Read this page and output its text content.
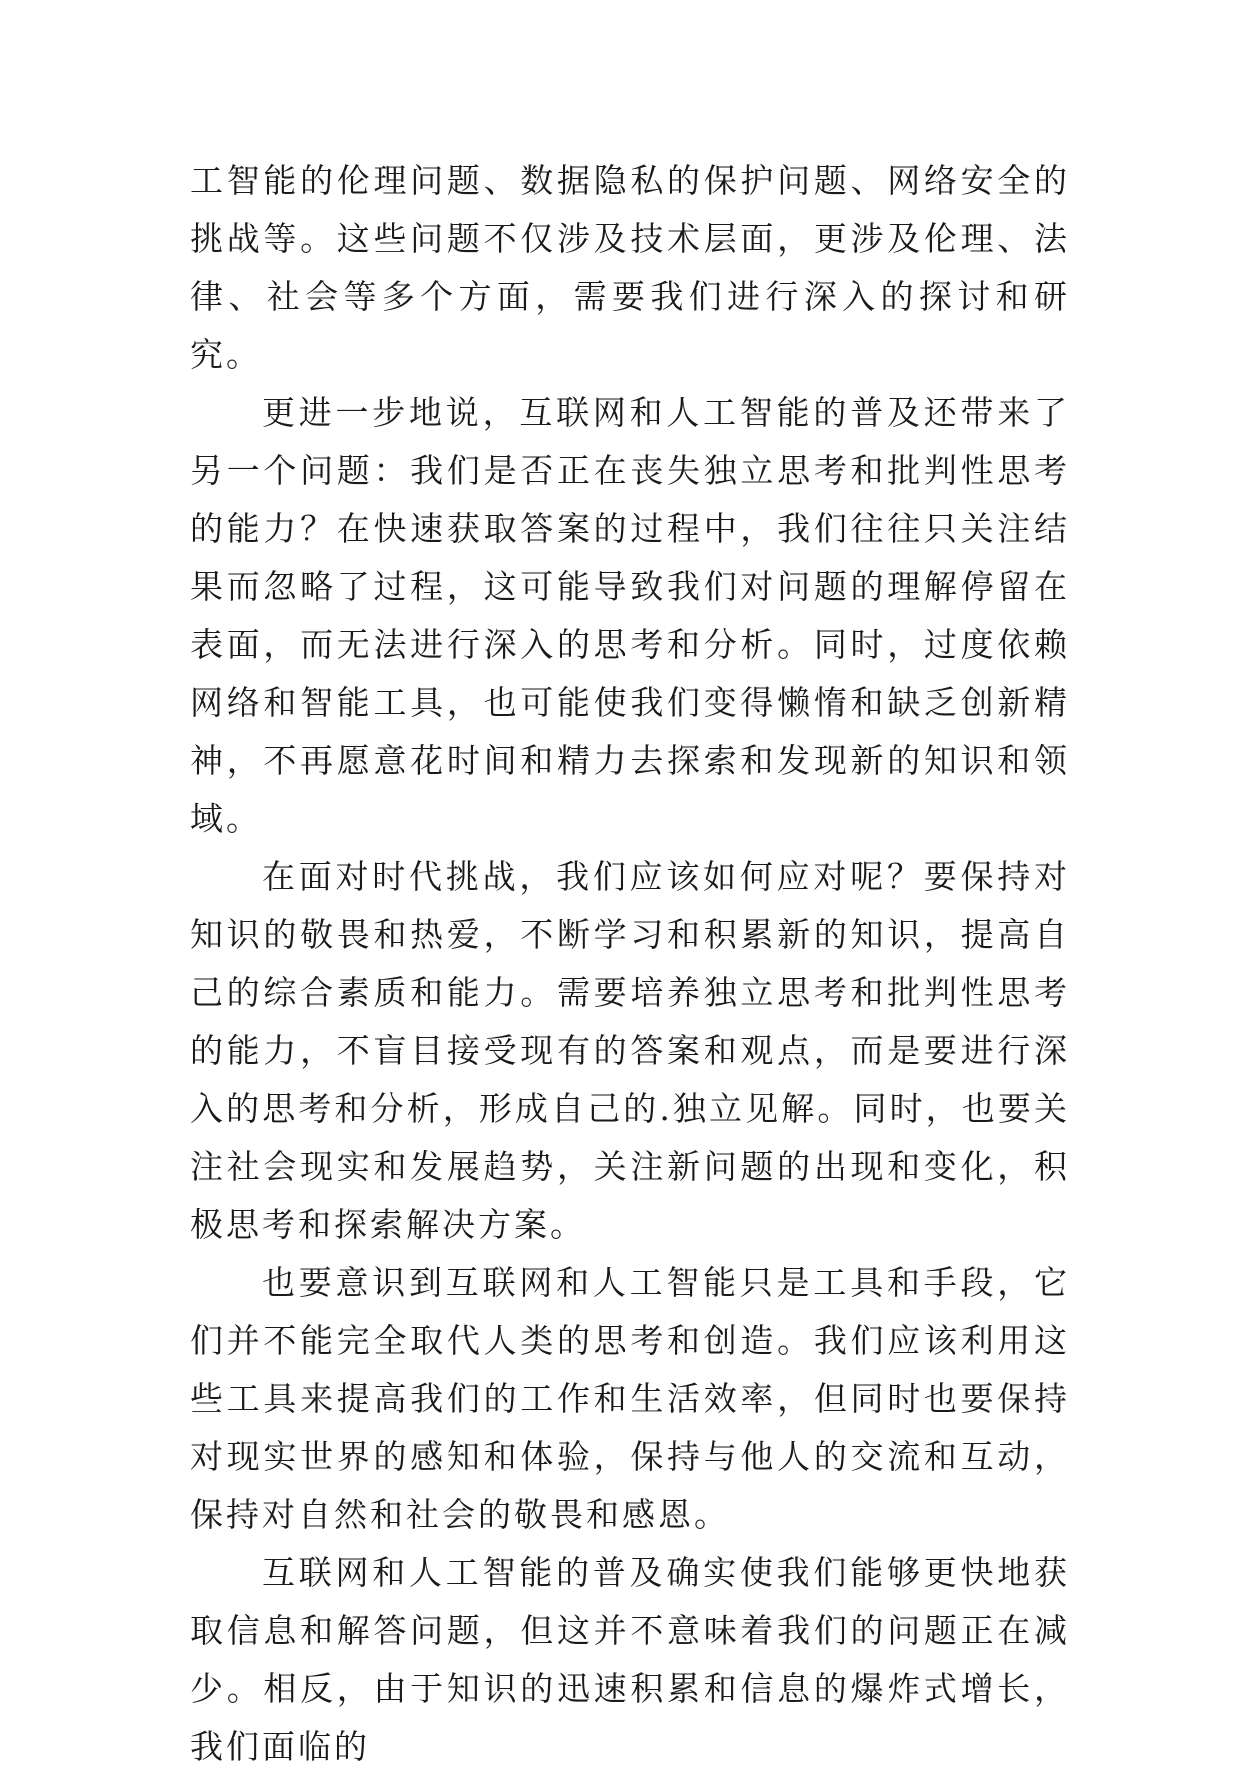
工智能的伦理问题、数据隐私的保护问题、网络安全的挑战等。这些问题不仅涉及技术层面，更涉及伦理、法律、社会等多个方面，需要我们进行深入的探讨和研究。

更进一步地说，互联网和人工智能的普及还带来了另一个问题：我们是否正在丧失独立思考和批判性思考的能力？在快速获取答案的过程中，我们往往只关注结果而忽略了过程，这可能导致我们对问题的理解停留在表面，而无法进行深入的思考和分析。同时，过度依赖网络和智能工具，也可能使我们变得懒惰和缺乏创新精神，不再愿意花时间和精力去探索和发现新的知识和领域。

在面对时代挑战，我们应该如何应对呢？要保持对知识的敬畏和热爱，不断学习和积累新的知识，提高自己的综合素质和能力。需要培养独立思考和批判性思考的能力，不盲目接受现有的答案和观点，而是要进行深入的思考和分析，形成自己的.独立见解。同时，也要关注社会现实和发展趋势，关注新问题的出现和变化，积极思考和探索解决方案。

也要意识到互联网和人工智能只是工具和手段，它们并不能完全取代人类的思考和创造。我们应该利用这些工具来提高我们的工作和生活效率，但同时也要保持对现实世界的感知和体验，保持与他人的交流和互动，保持对自然和社会的敬畏和感恩。

互联网和人工智能的普及确实使我们能够更快地获取信息和解答问题，但这并不意味着我们的问题正在减少。相反，由于知识的迅速积累和信息的爆炸式增长，我们面临的
